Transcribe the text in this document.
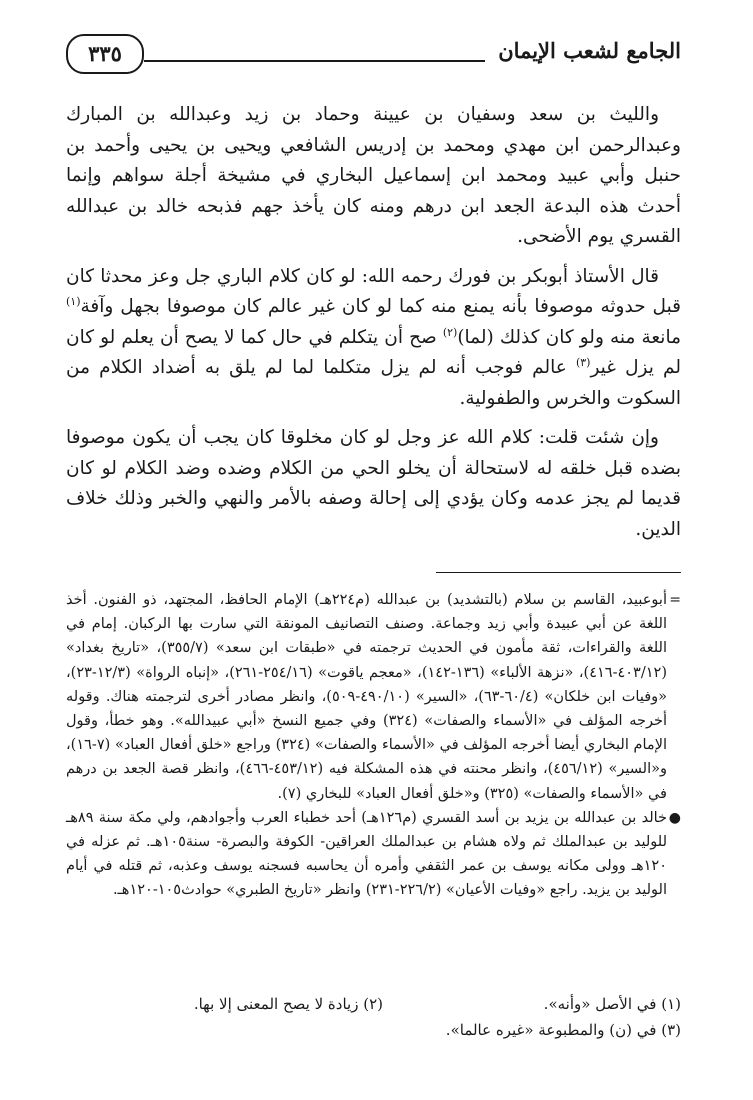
الجامع لشعب الإيمان
٣٣٥

والليث بن سعد وسفيان بن عيينة وحماد بن زيد وعبدالله بن المبارك وعبدالرحمن ابن مهدي ومحمد بن إدريس الشافعي ويحيى بن يحيى وأحمد بن حنبل وأبي عبيد ومحمد ابن إسماعيل البخاري في مشيخة أجلة سواهم وإنما أحدث هذه البدعة الجعد ابن درهم ومنه كان يأخذ جهم فذبحه خالد بن عبدالله القسري يوم الأضحى.

قال الأستاذ أبوبكر بن فورك رحمه الله: لو كان كلام الباري جل وعز محدثا كان قبل حدوثه موصوفا بأنه يمنع منه كما لو كان غير عالم كان موصوفا بجهل وآفة$^{(١)}$ مانعة منه ولو كان كذلك (لما)$^{(٢)}$ صح أن يتكلم في حال كما لا يصح أن يعلم لو كان لم يزل غير$^{(٣)}$ عالم فوجب أنه لم يزل متكلما لما لم يلق به أضداد الكلام من السكوت والخرس والطفولية.

وإن شئت قلت: كلام الله عز وجل لو كان مخلوقا كان يجب أن يكون موصوفا بضده قبل خلقه له لاستحالة أن يخلو الحي من الكلام وضده وضد الكلام لو كان قديما لم يجز عدمه وكان يؤدي إلى إحالة وصفه بالأمر والنهي والخبر وذلك خلاف الدين.

=
أبوعبيد، القاسم بن سلام (بالتشديد) بن عبدالله (م٢٢٤هـ) الإمام الحافظ، المجتهد، ذو الفنون. أخذ اللغة عن أبي عبيدة وأبي زيد وجماعة. وصنف التصانيف المونقة التي سارت بها الركبان. إمام في اللغة والقراءات، ثقة مأمون في الحديث ترجمته في «طبقات ابن سعد» (٣٥٥/٧)، «تاريخ بغداد» (٤٠٣/١٢-٤١٦)، «نزهة الألباء» (١٣٦-١٤٢)، «معجم ياقوت» (٢٥٤/١٦-٢٦١)، «إنباه الرواة» (١٢/٣-٢٣)، «وفيات ابن خلكان» (٦٠/٤-٦٣)، «السير» (٤٩٠/١٠-٥٠٩)، وانظر مصادر أخرى لترجمته هناك. وقوله أخرجه المؤلف في «الأسماء والصفات» (٣٢٤) وفي جميع النسخ «أبي عبيدالله». وهو خطأ، وقول الإمام البخاري أيضا أخرجه المؤلف في «الأسماء والصفات» (٣٢٤) وراجع «خلق أفعال العباد» (٧-١٦)، و«السير» (٤٥٦/١٢)، وانظر محنته في هذه المشكلة فيه (٤٥٣/١٢-٤٦٦)، وانظر قصة الجعد بن درهم في «الأسماء والصفات» (٣٢٥) و«خلق أفعال العباد» للبخاري (٧).

●
خالد بن عبدالله بن يزيد بن أسد القسري (م١٢٦هـ) أحد خطباء العرب وأجوادهم، ولي مكة سنة ٨٩هـ للوليد بن عبدالملك ثم ولاه هشام بن عبدالملك العراقين- الكوفة والبصرة- سنة١٠٥هـ. ثم عزله في ١٢٠هـ وولى مكانه يوسف بن عمر الثقفي وأمره أن يحاسبه فسجنه يوسف وعذبه، ثم قتله في أيام الوليد بن يزيد. راجع «وفيات الأعيان» (٢٢٦/٢-٢٣١) وانظر «تاريخ الطبري» حوادث١٠٥-١٢٠هـ.

(١) في الأصل «وأنه».
(٢) زيادة لا يصح المعنى إلا بها.
(٣) في (ن) والمطبوعة «غيره عالما».
